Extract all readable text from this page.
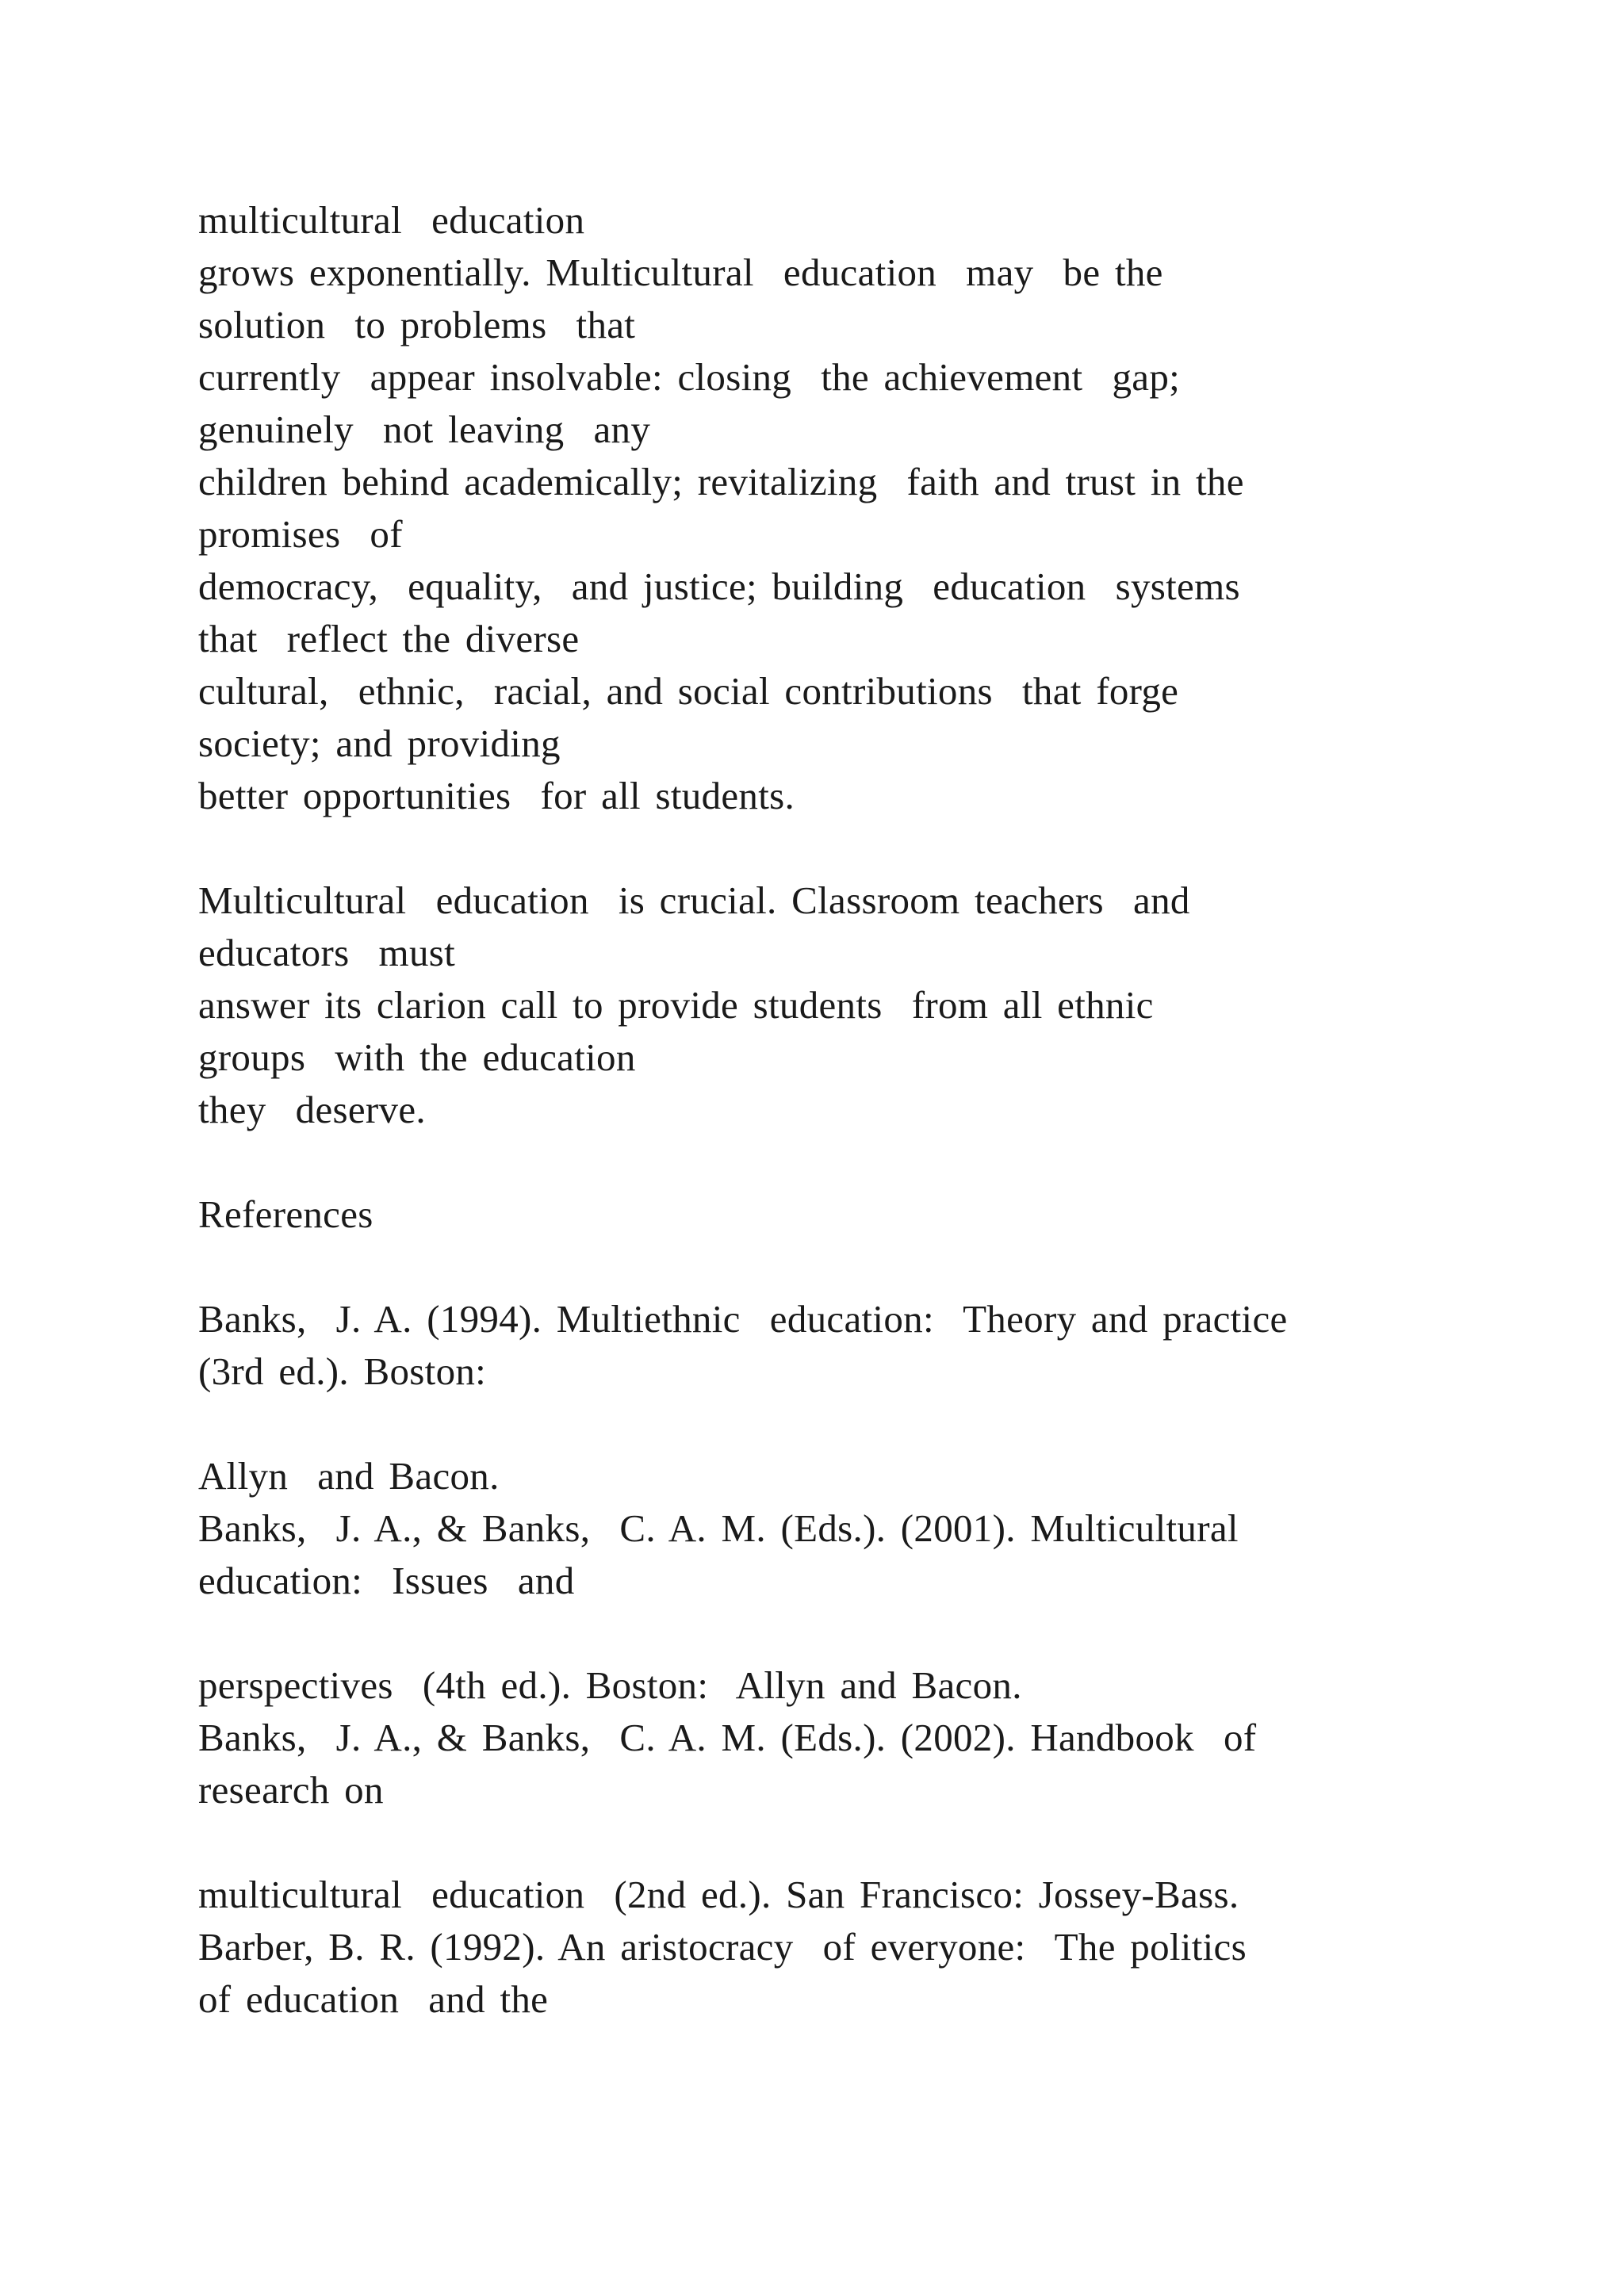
multicultural  education

grows exponentially. Multicultural  education  may  be the

solution  to problems  that

currently  appear insolvable: closing  the achievement  gap;

genuinely  not leaving  any

children behind academically; revitalizing  faith and trust in the

promises  of

democracy,  equality,  and justice; building  education  systems

that  reflect the diverse

cultural,  ethnic,  racial, and social contributions  that forge

society; and providing

better opportunities  for all students.

Multicultural  education  is crucial. Classroom teachers  and

educators  must

answer its clarion call to provide students  from all ethnic

groups  with the education

they  deserve.

References

Banks,  J. A. (1994). Multiethnic  education:  Theory and practice

(3rd ed.). Boston:

Allyn  and Bacon.

Banks,  J. A., & Banks,  C. A. M. (Eds.). (2001). Multicultural

education:  Issues  and

perspectives  (4th ed.). Boston:  Allyn and Bacon.

Banks,  J. A., & Banks,  C. A. M. (Eds.). (2002). Handbook  of

research on

multicultural  education  (2nd ed.). San Francisco: Jossey-Bass.

Barber, B. R. (1992). An aristocracy  of everyone:  The politics

of education  and the
